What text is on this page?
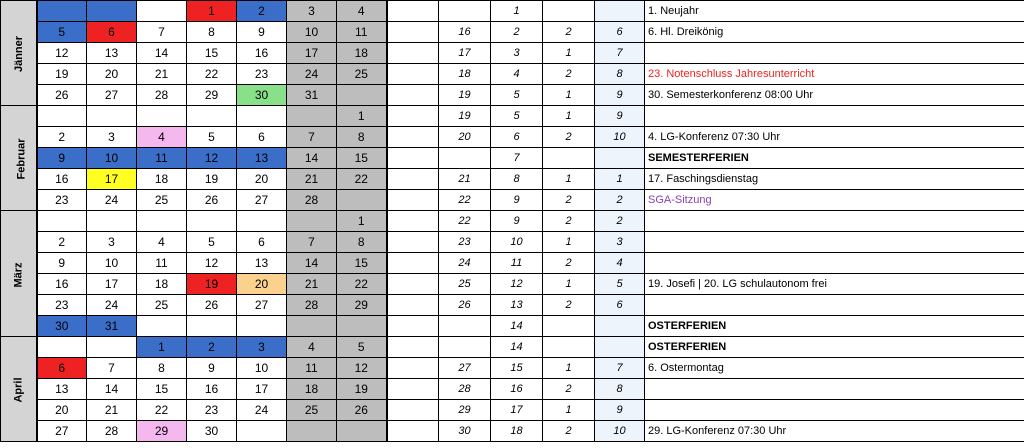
Jänner				1	2	3	4			1			1. Neujahr
	5	6	7	8	9	10	11		16	2	2	6	6. Hl. Dreikönig
	12	13	14	15	16	17	18		17	3	1	7	
	19	20	21	22	23	24	25		18	4	2	8	23. Notenschluss Jahresunterricht
	26	27	28	29	30	31			19	5	1	9	30. Semesterkonferenz 08:00 Uhr
Februar							1		19	5	1	9	
	2	3	4	5	6	7	8		20	6	2	10	4. LG-Konferenz 07:30 Uhr
	9	10	11	12	13	14	15			7			SEMESTERFERIEN
	16	17	18	19	20	21	22		21	8	1	1	17. Faschingsdienstag
	23	24	25	26	27	28			22	9	2	2	SGA-Sitzung
März							1		22	9	2	2	
	2	3	4	5	6	7	8		23	10	1	3	
	9	10	11	12	13	14	15		24	11	2	4	
	16	17	18	19	20	21	22		25	12	1	5	19. Josefi | 20. LG schulautonom frei
	23	24	25	26	27	28	29		26	13	2	6	
	30	31								14			OSTERFERIEN
April			1	2	3	4	5			14			OSTERFERIEN
	6	7	8	9	10	11	12		27	15	1	7	6. Ostermontag
	13	14	15	16	17	18	19		28	16	2	8	
	20	21	22	23	24	25	26		29	17	1	9	
	27	28	29	30					30	18	2	10	29. LG-Konferenz 07:30 Uhr
